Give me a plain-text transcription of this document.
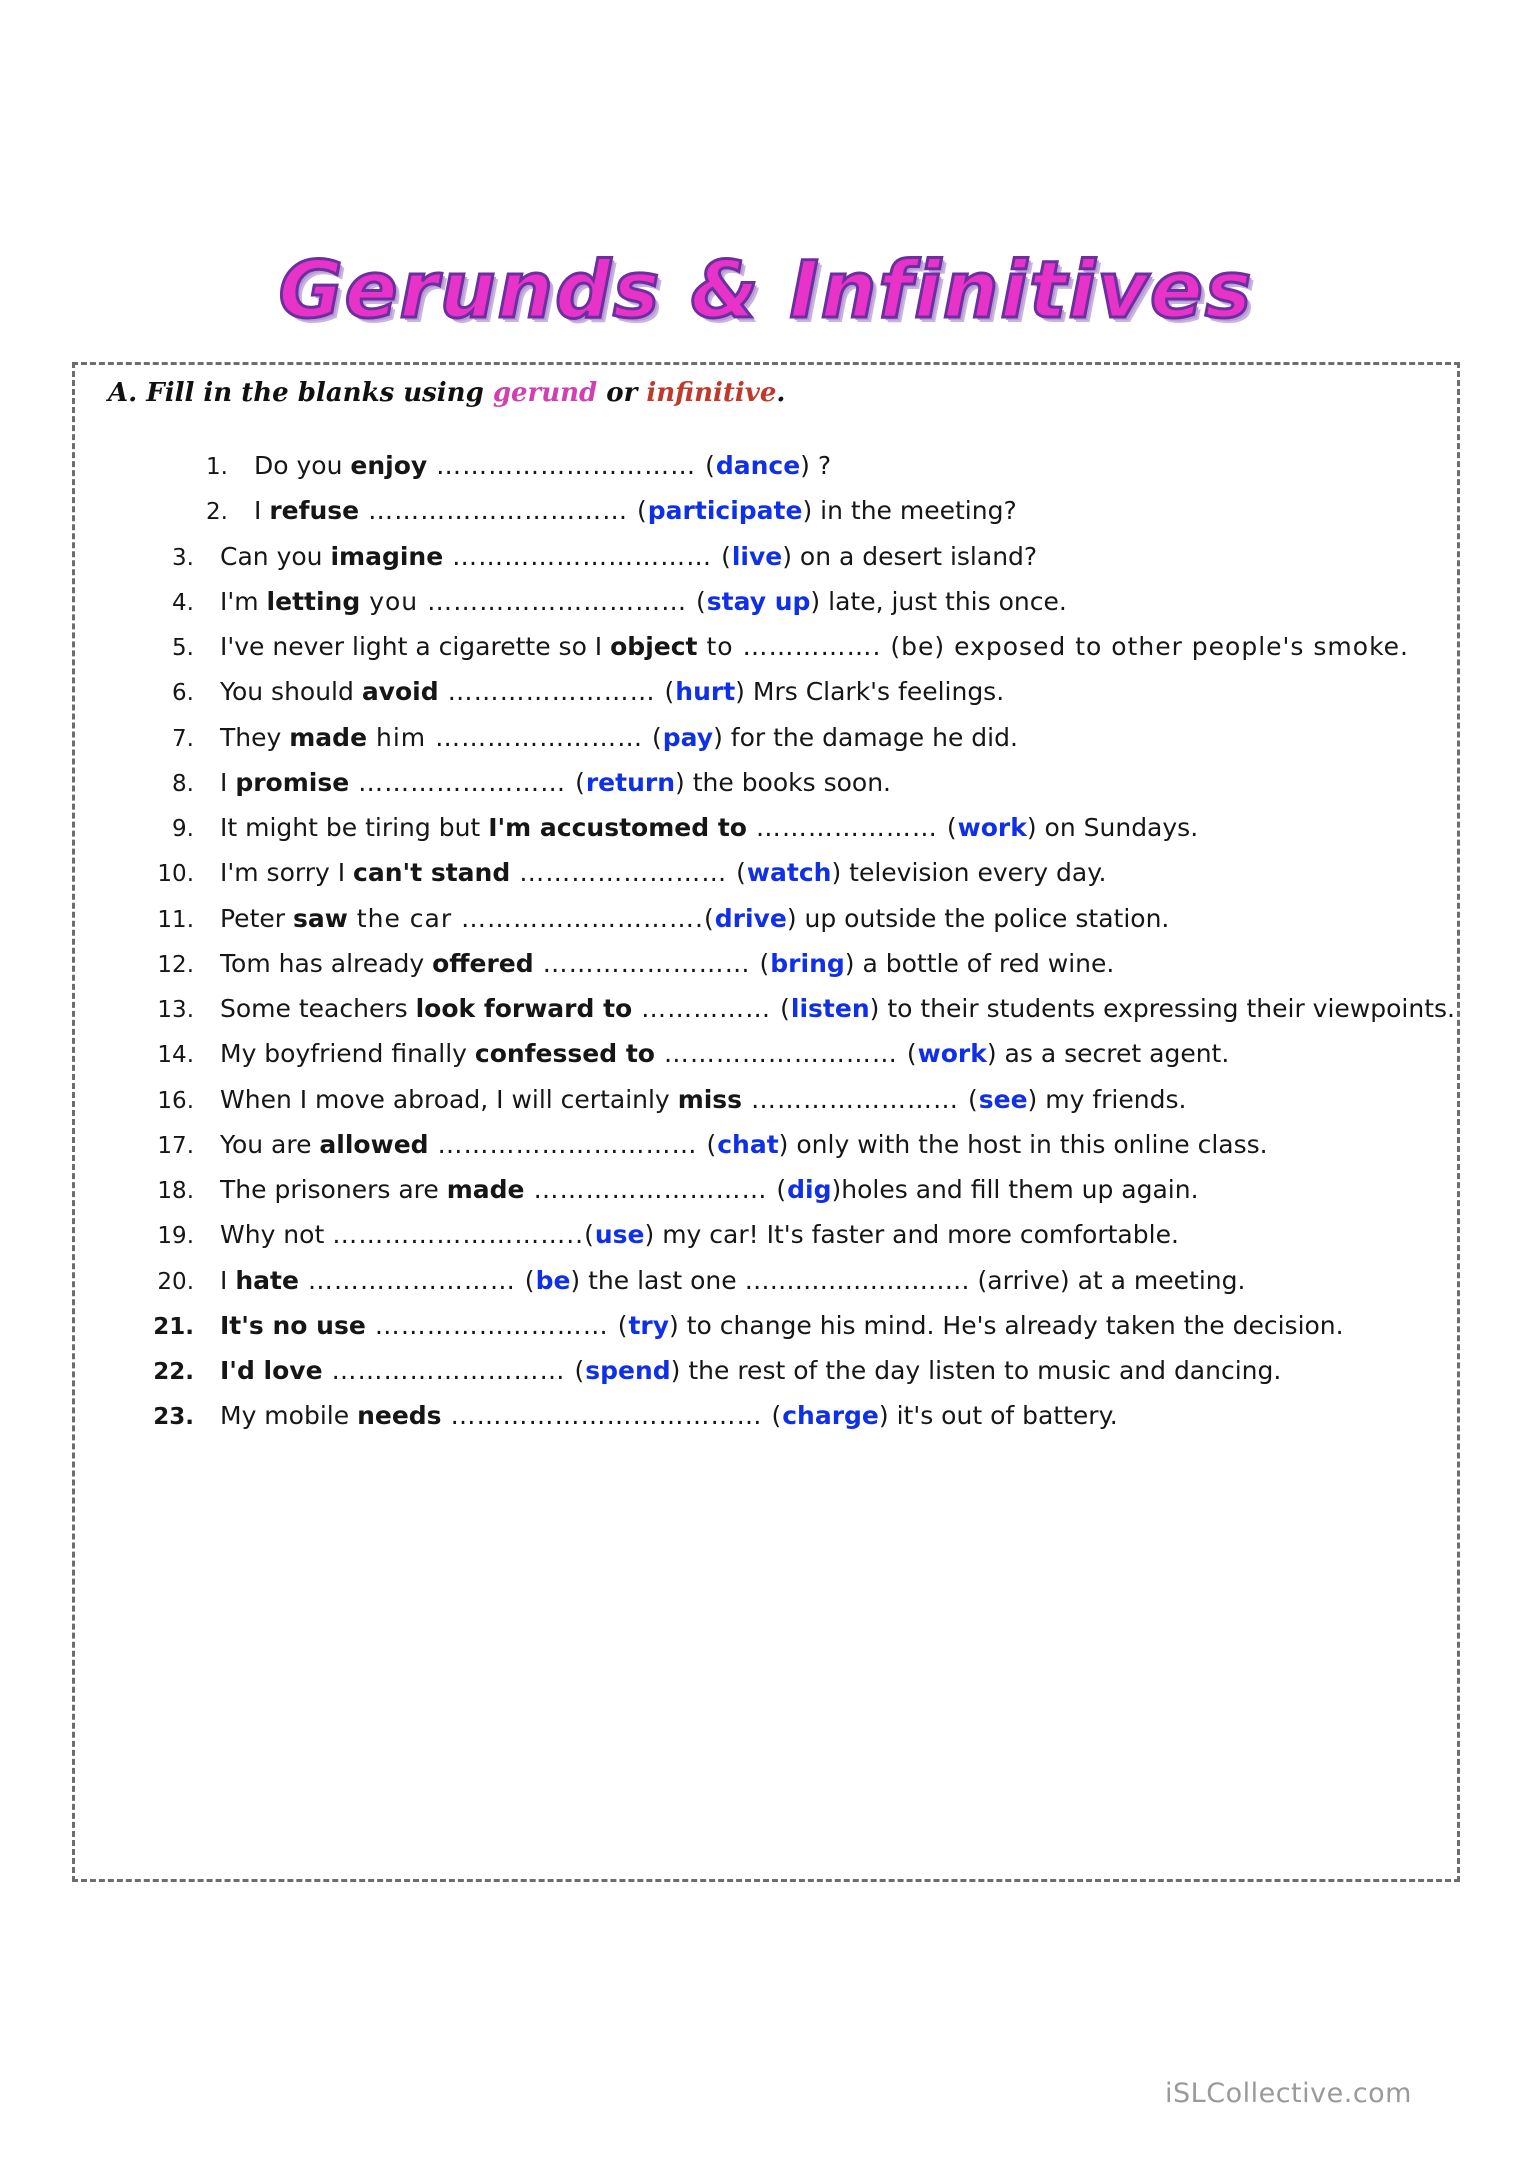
Gerunds & Infinitives
A. Fill in the blanks using gerund or infinitive.
1.	Do you enjoy ………………………… (dance) ?
2.	I refuse ………………………… (participate) in the meeting?
3.	Can you imagine ………………………… (live) on a desert island?
4.	I'm letting you ………………………… (stay up) late, just this once.
5.	I've never light a cigarette so I object to ……………. (be) exposed to other people's smoke.
6.	You should avoid …………………… (hurt) Mrs Clark's feelings.
7.	They made him …………………… (pay) for the damage he did.
8.	I promise …………………… (return) the books soon.
9.	It might be tiring but I'm accustomed to ………………… (work) on Sundays.
10.	I'm sorry I can't stand …………………… (watch) television every day.
11.	Peter saw the car ……………………….(drive) up outside the police station.
12.	Tom has already offered …………………… (bring) a bottle of red wine.
13.	Some teachers look forward to …………… (listen) to their students expressing their viewpoints.
14.	My boyfriend finally confessed to ……………………… (work) as a secret agent.
16.	When I move abroad, I will certainly miss …………………… (see) my friends.
17.	You are allowed ………………………… (chat) only with the host in this online class.
18.	The prisoners are made ……………………… (dig)holes and fill them up again.
19.	Why not ………………………..(use) my car! It's faster and more comfortable.
20.	I hate …………………… (be) the last one ……………………… (arrive) at a meeting.
21.	It's no use ……………………… (try) to change his mind. He's already taken the decision.
22.	I'd love ……………………… (spend) the rest of the day listen to music and dancing.
23.	My mobile needs ……………………………… (charge) it's out of battery.
iSLCollective.com
